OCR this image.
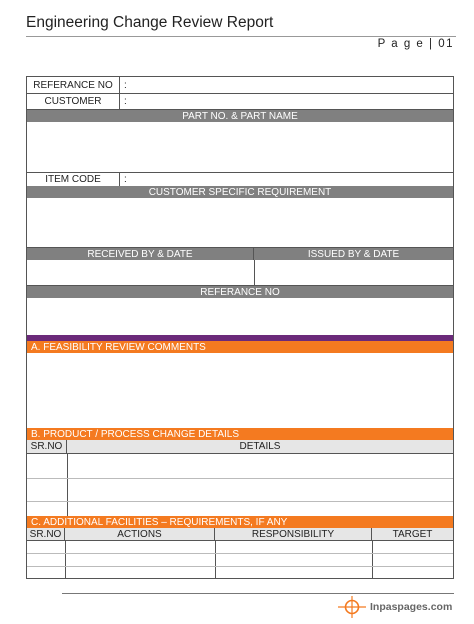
Engineering Change Review Report
P a g e | 01
REFERANCE NO	:
CUSTOMER	:
PART NO. & PART NAME
ITEM CODE	:
CUSTOMER SPECIFIC REQUIREMENT
RECEIVED BY & DATE	ISSUED BY & DATE
REFERANCE NO
A. FEASIBILITY REVIEW COMMENTS
B. PRODUCT / PROCESS CHANGE DETAILS
SR.NO	DETAILS
C. ADDITIONAL FACILITIES – REQUIREMENTS, IF ANY
SR.NO	ACTIONS	RESPONSIBILITY	TARGET
Inpaspages.com
